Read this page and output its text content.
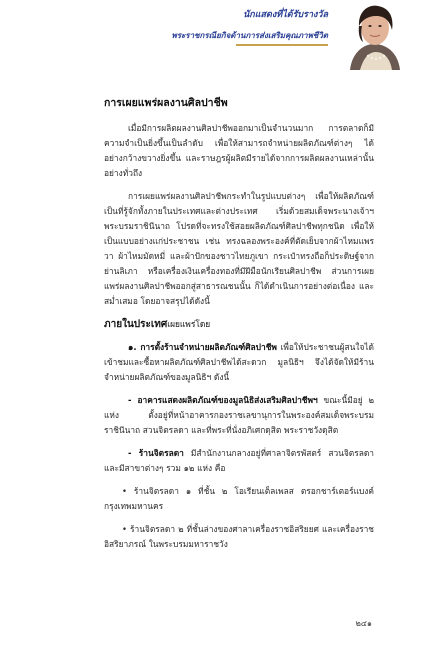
นักแสดงที่ได้รับรางวัล
พระราชกรณียกิจด้านการส่งเสริมคุณภาพชีวิต
การเผยแพร่ผลงานศิลปาชีพ

เมื่อมีการผลิตผลงานศิลปาชีพออกมาเป็นจำนวนมาก การตลาดก็มีความจำเป็นยิ่งขึ้นเป็นลำดับ เพื่อให้สามารถจำหน่ายผลิตภัณฑ์ต่างๆ ได้อย่างกว้างขวางยิ่งขึ้น และราษฎรผู้ผลิตมีรายได้จากการผลิตผลงานเหล่านั้นอย่างทั่วถึง

การเผยแพร่ผลงานศิลปาชีพกระทำในรูปแบบต่างๆ เพื่อให้ผลิตภัณฑ์เป็นที่รู้จักทั้งภายในประเทศและต่างประเทศ เริ่มด้วยสมเด็จพระนางเจ้าฯ พระบรมราชินีนาถ โปรดที่จะทรงใช้สอยผลิตภัณฑ์ศิลปาชีพทุกชนิด เพื่อให้เป็นแบบอย่างแก่ประชาชน เช่น ทรงฉลองพระองค์ที่ตัดเย็บจากผ้าไหมแพรวา ผ้าไหมมัดหมี่ และผ้าปักของชาวไทยภูเขา กระเป๋าทรงถือก็ประดิษฐ์จากย่านลิเภา หรือเครื่องเงินเครื่องทองที่มีฝีมือนักเรียนศิลปาชีพ ส่วนการเผยแพร่ผลงานศิลปาชีพออกสู่สาธารณชนนั้น ก็ได้ดำเนินการอย่างต่อเนื่อง และสม่ำเสมอ โดยอาจสรุปได้ดังนี้

ภายในประเทศเผยแพร่โดย

๑. การตั้งร้านจำหน่ายผลิตภัณฑ์ศิลปาชีพ เพื่อให้ประชาชนผู้สนใจได้เข้าชมและซื้อหาผลิตภัณฑ์ศิลปาชีพได้สะดวก มูลนิธิฯ จึงได้จัดให้มีร้านจำหน่ายผลิตภัณฑ์ของมูลนิธิฯ ดังนี้

- อาคารแสดงผลิตภัณฑ์ของมูลนิธิส่งเสริมศิลปาชีพฯ ขณะนี้มีอยู่ ๒ แห่ง ตั้งอยู่ที่หน้าอาคารกองราชเลขานุการในพระองค์สมเด็จพระบรมราชินีนาถ สวนจิตรลดา และที่พระที่นั่งอภิเศกดุสิต พระราชวังดุสิต

- ร้านจิตรลดา มีสำนักงานกลางอยู่ที่ศาลาจิตรพัสตร์ สวนจิตรลดา และมีสาขาต่างๆ รวม ๑๒ แห่ง คือ

• ร้านจิตรลดา ๑ ที่ชั้น ๒ โอเรียนเต็ลเพลส ตรอกชาร์เตอร์แบงค์ กรุงเทพมหานคร

• ร้านจิตรลดา ๒ ที่ชั้นล่างของศาลาเครื่องราชอิสริยยศ และเครื่องราชอิสริยาภรณ์ ในพระบรมมหาราชวัง

๒๔๑
